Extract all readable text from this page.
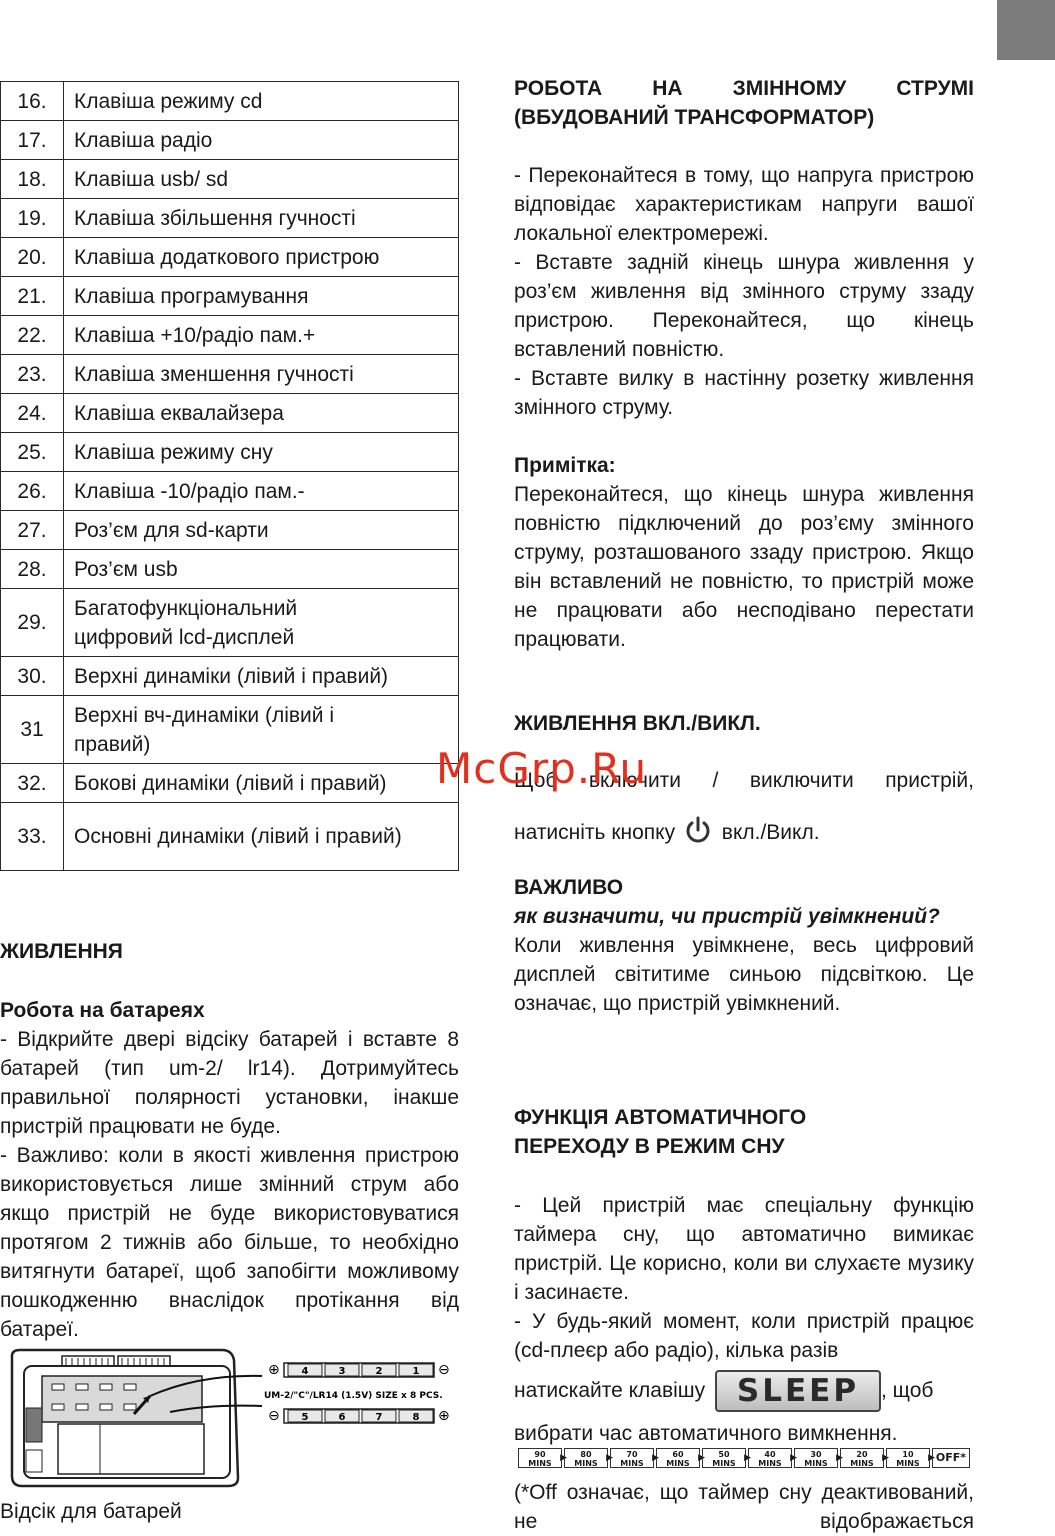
16.	Клавіша режиму cd
17.	Клавіша радіо
18.	Клавіша usb/ sd
19.	Клавіша збільшення гучності
20.	Клавіша додаткового пристрою
21.	Клавіша програмування
22.	Клавіша +10/радіо пам.+
23.	Клавіша зменшення гучності
24.	Клавіша еквалайзера
25.	Клавіша режиму сну
26.	Клавіша -10/радіо пам.-
27.	Роз’єм для sd-карти
28.	Роз’єм usb
29.	Багатофункціональний
цифровий lcd-дисплей

30.	Верхні динаміки (лівий і правий)
31	Верхні вч-динаміки (лівий і
правий)

32.	Бокові динаміки (лівий і правий)
33.	Основні динаміки (лівий і правий)

ЖИВЛЕННЯ

Робота на батареях

- Відкрийте двері відсіку батарей і вставте 8 батарей (тип um-2/ lr14). Дотримуйтесь правильної полярності установки, інакше пристрій працювати не буде.

- Важливо: коли в якості живлення пристрою використовується лише змінний струм або якщо пристрій не буде використовуватися протягом 2 тижнів або більше, то необхідно витягнути батареї, щоб запобігти можливому пошкодженню внаслідок протікання від батареї.

⊕	⊖
UM-2/"C"/LR14 (1.5V) SIZE x 8 PCS.
⊖	⊕
4	3	2	1
5	6	7	8
Відсік для батарей

РОБОТА НА ЗМІННОМУ СТРУМІ

(ВБУДОВАНИЙ ТРАНСФОРМАТОР)

- Переконайтеся в тому, що напруга пристрою відповідає характеристикам напруги вашої локальної електромережі.

- Вставте задній кінець шнура живлення у роз’єм живлення від змінного струму ззаду пристрою. Переконайтеся, що кінець вставлений повністю.

- Вставте вилку в настінну розетку живлення змінного струму.

Примітка:

Переконайтеся, що кінець шнура живлення повністю підключений до роз’єму змінного струму, розташованого ззаду пристрою. Якщо він вставлений не повністю, то пристрій може не працювати або несподівано перестати працювати.

ЖИВЛЕННЯ ВКЛ./ВИКЛ.

Щоб включити / виключити пристрій,

натисніть кнопку вкл./Викл.

ВАЖЛИВО

як визначити, чи пристрій увімкнений?

Коли живлення увімкнене, весь цифровий дисплей світитиме синьою підсвіткою. Це означає, що пристрій увімкнений.

ФУНКЦІЯ АВТОМАТИЧНОГО

ПЕРЕХОДУ В РЕЖИМ СНУ

- Цей пристрій має спеціальну функцію таймера сну, що автоматично вимикає пристрій. Це корисно, коли ви слухаєте музику і засинаєте.

- У будь-який момент, коли пристрій працює (cd-плеєр або радіо), кілька разів

натискайте клавішу SLEEP , щоб

вибрати час автоматичного вимкнення.

90
MINS
▶	80
MINS
▶	70
MINS
▶	60
MINS
▶	50
MINS
▶	40
MINS
▶	30
MINS
▶	20
MINS
▶	10
MINS
▶ OFF*

(*Off означає, що таймер сну деактивований, не відображається

McGrp.Ru
